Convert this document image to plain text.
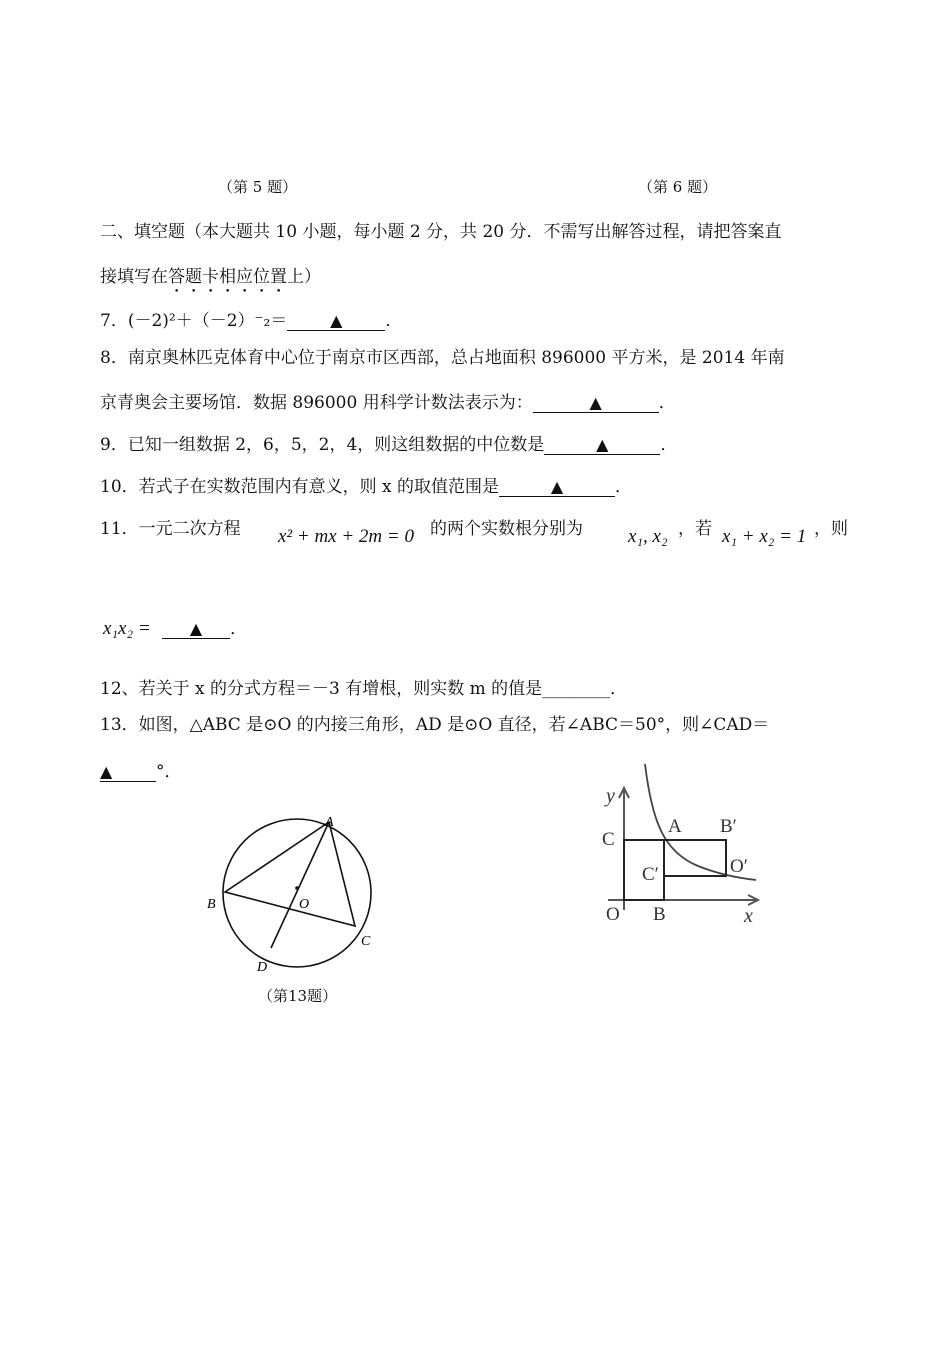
（第 5 题）	（第 6 题）
二、填空题（本大题共 10 小题，每小题 2 分，共 20 分．不需写出解答过程，请把答案直
接填写在答题卡相应位置上）
7．(－2)²＋（－2）⁻₂＝	▲	．
8．南京奥林匹克体育中心位于南京市区西部，总占地面积 896000 平方米，是 2014 年南
京青奥会主要场馆．数据 896000 用科学计数法表示为：	▲	．
9．已知一组数据 2，6，5，2，4，则这组数据的中位数是	▲	．
10．若式子在实数范围内有意义，则 x 的取值范围是	▲	．
11．一元二次方程 x² + mx + 2m = 0 的两个实数根分别为 x₁, x₂ ，若 x₁ + x₂ = 1 ，则
x₁x₂ = ▲ ．
12、若关于 x 的分式方程＝－3 有增根，则实数 m 的值是________．
13．如图，△ABC 是⊙O 的内接三角形，AD 是⊙O 直径，若∠ABC＝50°，则∠CAD＝
▲	°．
A
B
C
D
O
（第13题）
y
x
C
O B
A B′
C′	O′
